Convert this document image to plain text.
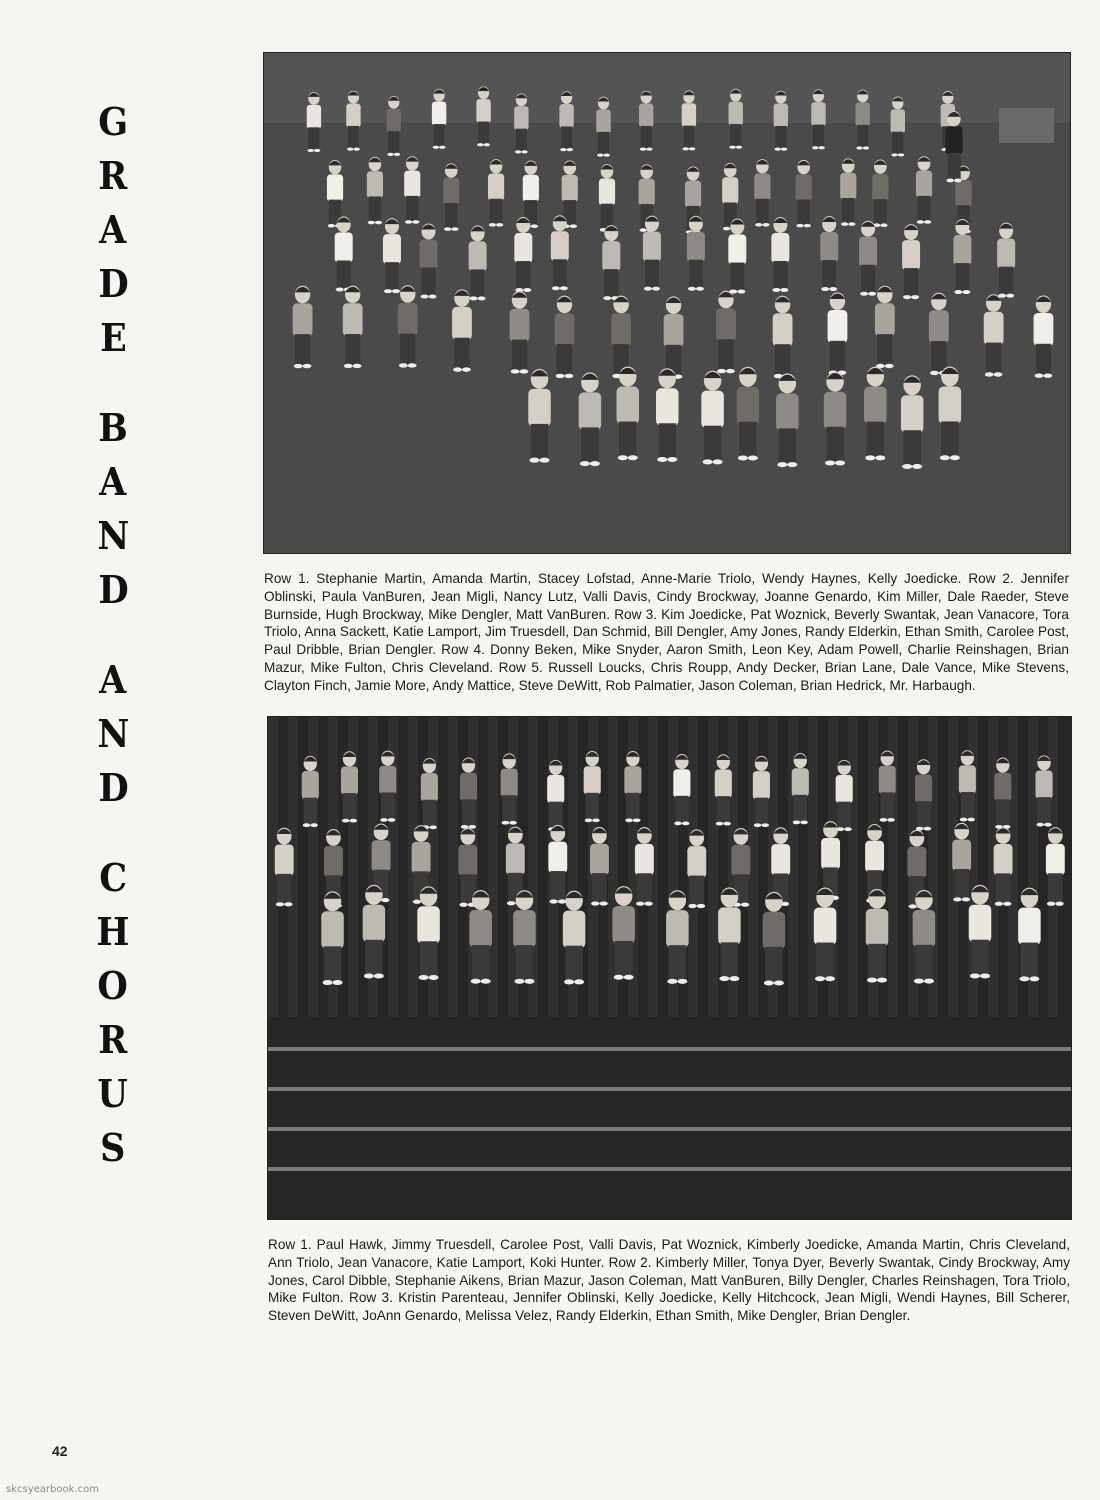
G
R
A
D
E
B
A
N
D
A
N
D
C
H
O
R
U
S
Row 1. Stephanie Martin, Amanda Martin, Stacey Lofstad, Anne-Marie Triolo, Wendy Haynes, Kelly Joedicke. Row 2. Jennifer Oblinski, Paula VanBuren, Jean Migli, Nancy Lutz, Valli Davis, Cindy Brockway, Joanne Genardo, Kim Miller, Dale Raeder, Steve Burnside, Hugh Brockway, Mike Dengler, Matt VanBuren. Row 3. Kim Joedicke, Pat Woznick, Beverly Swantak, Jean Vanacore, Tora Triolo, Anna Sackett, Katie Lamport, Jim Truesdell, Dan Schmid, Bill Dengler, Amy Jones, Randy Elderkin, Ethan Smith, Carolee Post, Paul Dribble, Brian Dengler. Row 4. Donny Beken, Mike Snyder, Aaron Smith, Leon Key, Adam Powell, Charlie Reinshagen, Brian Mazur, Mike Fulton, Chris Cleveland. Row 5. Russell Loucks, Chris Roupp, Andy Decker, Brian Lane, Dale Vance, Mike Stevens, Clayton Finch, Jamie More, Andy Mattice, Steve DeWitt, Rob Palmatier, Jason Coleman, Brian Hedrick, Mr. Harbaugh.
Row 1. Paul Hawk, Jimmy Truesdell, Carolee Post, Valli Davis, Pat Woznick, Kimberly Joedicke, Amanda Martin, Chris Cleveland, Ann Triolo, Jean Vanacore, Katie Lamport, Koki Hunter. Row 2. Kimberly Miller, Tonya Dyer, Beverly Swantak, Cindy Brockway, Amy Jones, Carol Dibble, Stephanie Aikens, Brian Mazur, Jason Coleman, Matt VanBuren, Billy Dengler, Charles Reinshagen, Tora Triolo, Mike Fulton. Row 3. Kristin Parenteau, Jennifer Oblinski, Kelly Joedicke, Kelly Hitchcock, Jean Migli, Wendi Haynes, Bill Scherer, Steven DeWitt, JoAnn Genardo, Melissa Velez, Randy Elderkin, Ethan Smith, Mike Dengler, Brian Dengler.
42
skcsyearbook.com
